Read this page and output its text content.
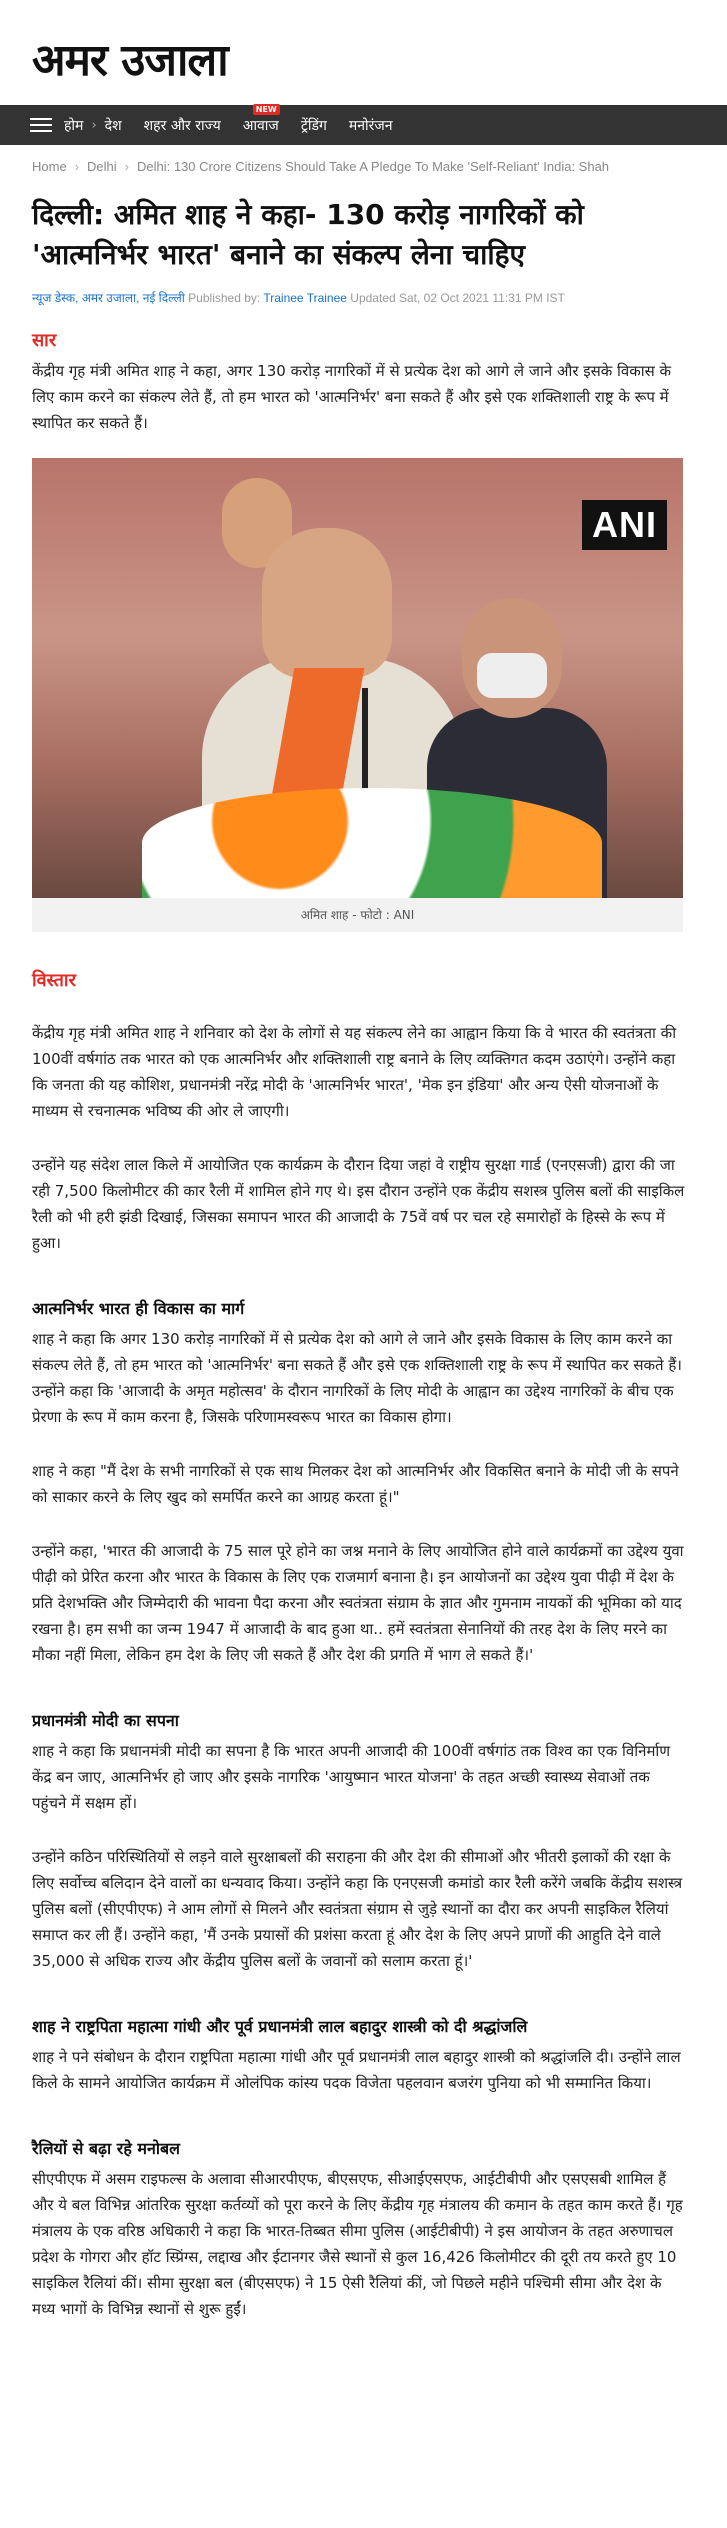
अमर उजाला
होम › देश शहर और राज्य
NEW
आवाज ट्रेंडिंग मनोरंजन
Home › Delhi › Delhi: 130 Crore Citizens Should Take A Pledge To Make 'Self-Reliant' India: Shah
दिल्ली: अमित शाह ने कहा- 130 करोड़ नागरिकों को 'आत्मनिर्भर भारत' बनाने का संकल्प लेना चाहिए
न्यूज डेस्क, अमर उजाला, नई दिल्ली Published by: Trainee Trainee Updated Sat, 02 Oct 2021 11:31 PM IST
सार

केंद्रीय गृह मंत्री अमित शाह ने कहा, अगर 130 करोड़ नागरिकों में से प्रत्येक देश को आगे ले जाने और इसके विकास के लिए काम करने का संकल्प लेते हैं, तो हम भारत को 'आत्मनिर्भर' बना सकते हैं और इसे एक शक्तिशाली राष्ट्र के रूप में स्थापित कर सकते हैं।

ANI
अमित शाह - फोटो : ANI
विस्तार

केंद्रीय गृह मंत्री अमित शाह ने शनिवार को देश के लोगों से यह संकल्प लेने का आह्वान किया कि वे भारत की स्वतंत्रता की 100वीं वर्षगांठ तक भारत को एक आत्मनिर्भर और शक्तिशाली राष्ट्र बनाने के लिए व्यक्तिगत कदम उठाएंगे। उन्होंने कहा कि जनता की यह कोशिश, प्रधानमंत्री नरेंद्र मोदी के 'आत्मनिर्भर भारत', 'मेक इन इंडिया' और अन्य ऐसी योजनाओं के माध्यम से रचनात्मक भविष्य की ओर ले जाएगी।

उन्होंने यह संदेश लाल किले में आयोजित एक कार्यक्रम के दौरान दिया जहां वे राष्ट्रीय सुरक्षा गार्ड (एनएसजी) द्वारा की जा रही 7,500 किलोमीटर की कार रैली में शामिल होने गए थे। इस दौरान उन्होंने एक केंद्रीय सशस्त्र पुलिस बलों की साइकिल रैली को भी हरी झंडी दिखाई, जिसका समापन भारत की आजादी के 75वें वर्ष पर चल रहे समारोहों के हिस्से के रूप में हुआ।

आत्मनिर्भर भारत ही विकास का मार्ग

शाह ने कहा कि अगर 130 करोड़ नागरिकों में से प्रत्येक देश को आगे ले जाने और इसके विकास के लिए काम करने का संकल्प लेते हैं, तो हम भारत को 'आत्मनिर्भर' बना सकते हैं और इसे एक शक्तिशाली राष्ट्र के रूप में स्थापित कर सकते हैं। उन्होंने कहा कि 'आजादी के अमृत महोत्सव' के दौरान नागरिकों के लिए मोदी के आह्वान का उद्देश्य नागरिकों के बीच एक प्रेरणा के रूप में काम करना है, जिसके परिणामस्वरूप भारत का विकास होगा।

शाह ने कहा "मैं देश के सभी नागरिकों से एक साथ मिलकर देश को आत्मनिर्भर और विकसित बनाने के मोदी जी के सपने को साकार करने के लिए खुद को समर्पित करने का आग्रह करता हूं।"

उन्होंने कहा, 'भारत की आजादी के 75 साल पूरे होने का जश्न मनाने के लिए आयोजित होने वाले कार्यक्रमों का उद्देश्य युवा पीढ़ी को प्रेरित करना और भारत के विकास के लिए एक राजमार्ग बनाना है। इन आयोजनों का उद्देश्य युवा पीढ़ी में देश के प्रति देशभक्ति और जिम्मेदारी की भावना पैदा करना और स्वतंत्रता संग्राम के ज्ञात और गुमनाम नायकों की भूमिका को याद रखना है। हम सभी का जन्म 1947 में आजादी के बाद हुआ था.. हमें स्वतंत्रता सेनानियों की तरह देश के लिए मरने का मौका नहीं मिला, लेकिन हम देश के लिए जी सकते हैं और देश की प्रगति में भाग ले सकते हैं।'

प्रधानमंत्री मोदी का सपना

शाह ने कहा कि प्रधानमंत्री मोदी का सपना है कि भारत अपनी आजादी की 100वीं वर्षगांठ तक विश्व का एक विनिर्माण केंद्र बन जाए, आत्मनिर्भर हो जाए और इसके नागरिक 'आयुष्मान भारत योजना' के तहत अच्छी स्वास्थ्य सेवाओं तक पहुंचने में सक्षम हों।

उन्होंने कठिन परिस्थितियों से लड़ने वाले सुरक्षाबलों की सराहना की और देश की सीमाओं और भीतरी इलाकों की रक्षा के लिए सर्वोच्च बलिदान देने वालों का धन्यवाद किया। उन्होंने कहा कि एनएसजी कमांडो कार रैली करेंगे जबकि केंद्रीय सशस्त्र पुलिस बलों (सीएपीएफ) ने आम लोगों से मिलने और स्वतंत्रता संग्राम से जुड़े स्थानों का दौरा कर अपनी साइकिल रैलियां समाप्त कर ली हैं। उन्होंने कहा, 'मैं उनके प्रयासों की प्रशंसा करता हूं और देश के लिए अपने प्राणों की आहुति देने वाले 35,000 से अधिक राज्य और केंद्रीय पुलिस बलों के जवानों को सलाम करता हूं।'

शाह ने राष्ट्रपिता महात्मा गांधी और पूर्व प्रधानमंत्री लाल बहादुर शास्त्री को दी श्रद्धांजलि

शाह ने पने संबोधन के दौरान राष्ट्रपिता महात्मा गांधी और पूर्व प्रधानमंत्री लाल बहादुर शास्त्री को श्रद्धांजलि दी। उन्होंने लाल किले के सामने आयोजित कार्यक्रम में ओलंपिक कांस्य पदक विजेता पहलवान बजरंग पुनिया को भी सम्मानित किया।

रैलियों से बढ़ा रहे मनोबल

सीएपीएफ में असम राइफल्स के अलावा सीआरपीएफ, बीएसएफ, सीआईएसएफ, आईटीबीपी और एसएसबी शामिल हैं और ये बल विभिन्न आंतरिक सुरक्षा कर्तव्यों को पूरा करने के लिए केंद्रीय गृह मंत्रालय की कमान के तहत काम करते हैं। गृह मंत्रालय के एक वरिष्ठ अधिकारी ने कहा कि भारत-तिब्बत सीमा पुलिस (आईटीबीपी) ने इस आयोजन के तहत अरुणाचल प्रदेश के गोगरा और हॉट स्प्रिंग्स, लद्दाख और ईटानगर जैसे स्थानों से कुल 16,426 किलोमीटर की दूरी तय करते हुए 10 साइकिल रैलियां कीं। सीमा सुरक्षा बल (बीएसएफ) ने 15 ऐसी रैलियां कीं, जो पिछले महीने पश्चिमी सीमा और देश के मध्य भागों के विभिन्न स्थानों से शुरू हुईं।
